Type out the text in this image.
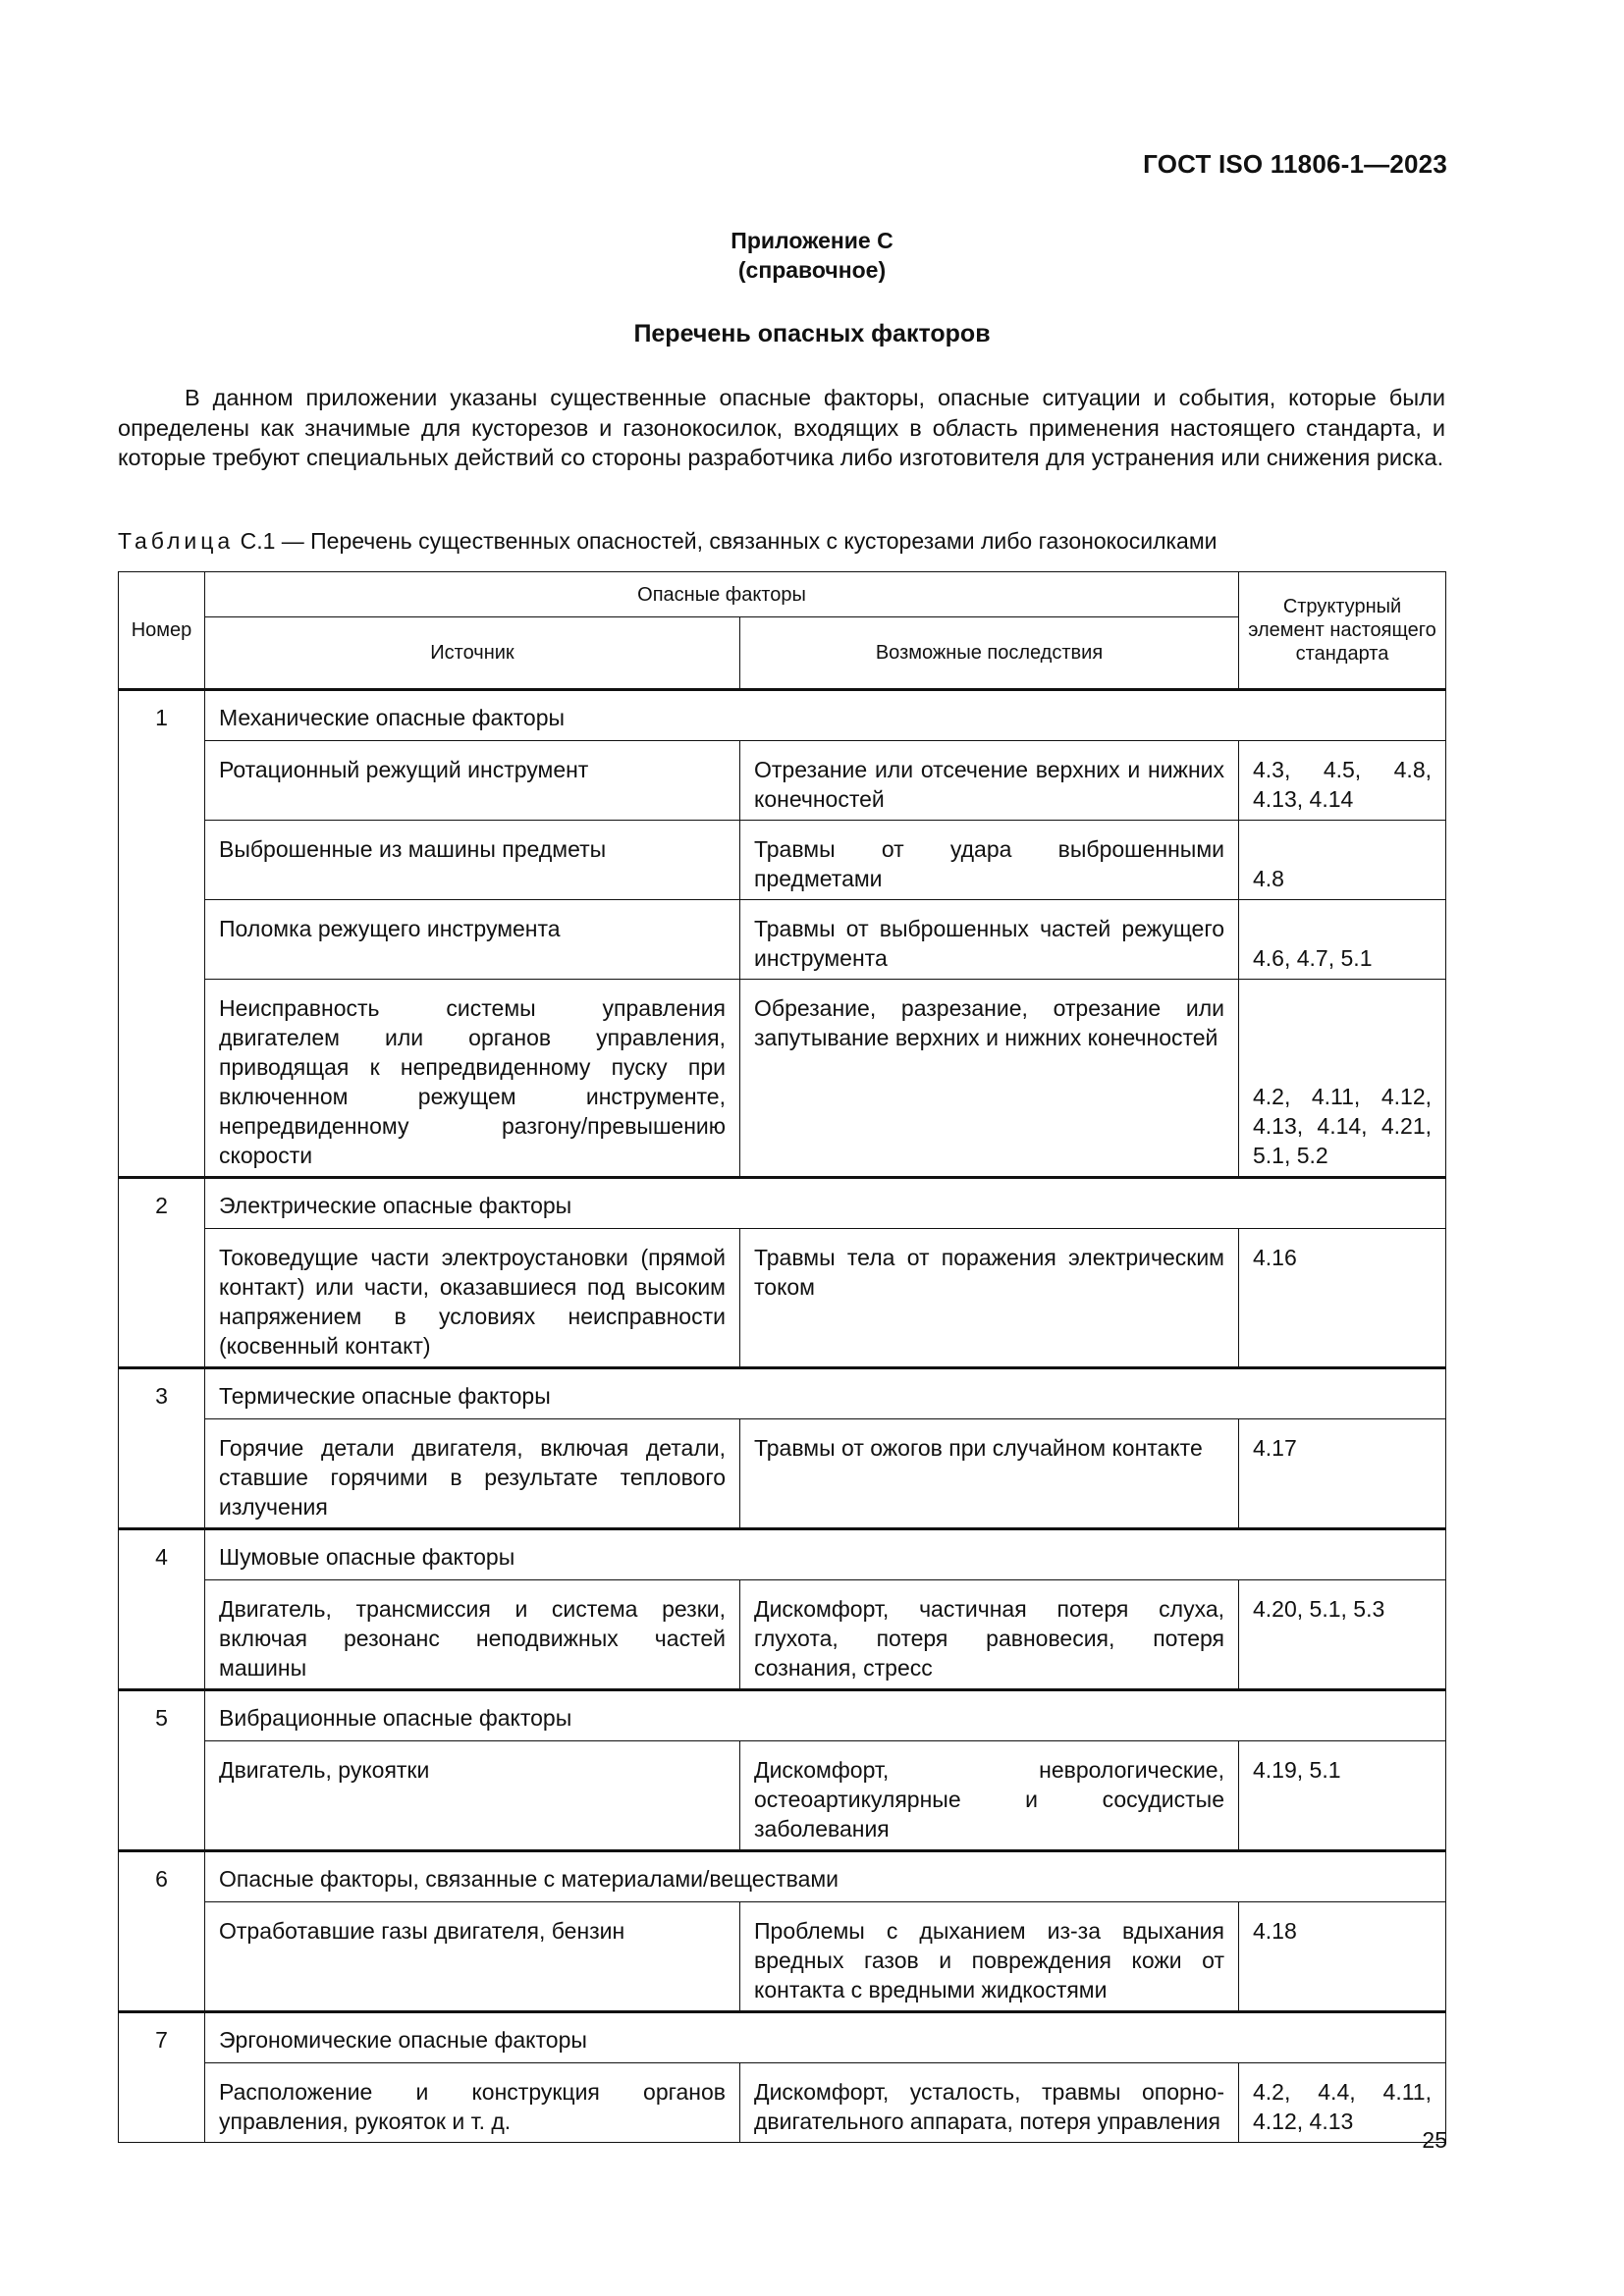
ГОСТ ISO 11806-1—2023
Приложение С
(справочное)
Перечень опасных факторов

В данном приложении указаны существенные опасные факторы, опасные ситуации и события, которые были определены как значимые для кусторезов и газонокосилок, входящих в область применения настоящего стандарта, и которые требуют специальных действий со стороны разработчика либо изготовителя для устранения или снижения риска.

Таблица С.1 — Перечень существенных опасностей, связанных с кусторезами либо газонокосилками
Номер	Опасные факторы		Структурный элемент настоящего стандарта
	Источник	Возможные последствия	
1	Механические опасные факторы		
	Ротационный режущий инструмент	Отрезание или отсечение верхних и нижних конечностей	4.3, 4.5, 4.8, 4.13, 4.14
	Выброшенные из машины предметы	Травмы от удара выброшенными предметами	4.8
	Поломка режущего инструмента	Травмы от выброшенных частей режущего инструмента	4.6, 4.7, 5.1
	Неисправность системы управления двигателем или органов управления, приводящая к непредвиденному пуску при включенном режущем инструменте, непредвиденному разгону/превышению скорости	Обрезание, разрезание, отрезание или запутывание верхних и нижних конечностей	4.2, 4.11, 4.12, 4.13, 4.14, 4.21, 5.1, 5.2
2	Электрические опасные факторы		
	Токоведущие части электроустановки (прямой контакт) или части, оказавшиеся под высоким напряжением в условиях неисправности (косвенный контакт)	Травмы тела от поражения электрическим током	4.16
3	Термические опасные факторы		
	Горячие детали двигателя, включая детали, ставшие горячими в результате теплового излучения	Травмы от ожогов при случайном контакте	4.17
4	Шумовые опасные факторы		
	Двигатель, трансмиссия и система резки, включая резонанс неподвижных частей машины	Дискомфорт, частичная потеря слуха, глухота, потеря равновесия, потеря сознания, стресс	4.20, 5.1, 5.3
5	Вибрационные опасные факторы		
	Двигатель, рукоятки	Дискомфорт, неврологические, остеоартикулярные и сосудистые заболевания	4.19, 5.1
6	Опасные факторы, связанные с материалами/веществами		
	Отработавшие газы двигателя, бензин	Проблемы с дыханием из-за вдыхания вредных газов и повреждения кожи от контакта с вредными жидкостями	4.18
7	Эргономические опасные факторы		
	Расположение и конструкция органов управления, рукояток и т. д.	Дискомфорт, усталость, травмы опорно-двигательного аппарата, потеря управления	4.2, 4.4, 4.11, 4.12, 4.13
25
